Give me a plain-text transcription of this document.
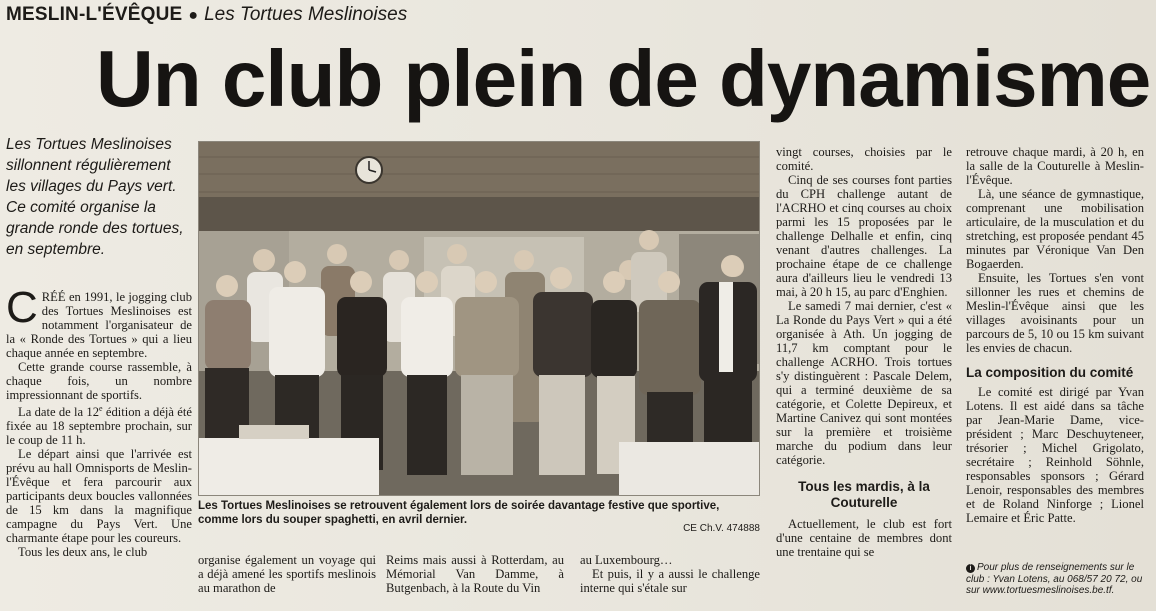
MESLIN-L'ÉVÊQUE ● Les Tortues Meslinoises
Un club plein de dynamisme
Les Tortues Meslinoises sillonnent régulièrement les villages du Pays vert. Ce comité organise la grande ronde des tortues, en septembre.

CRÉÉ en 1991, le jogging club des Tortues Meslinoises est notamment l'organisateur de la « Ronde des Tortues » qui a lieu chaque année en septembre.

Cette grande course rassemble, à chaque fois, un nombre impressionnant de sportifs.

La date de la 12e édition a déjà été fixée au 18 septembre prochain, sur le coup de 11 h.

Le départ ainsi que l'arrivée est prévu au hall Omnisports de Meslin-l'Évêque et fera parcourir aux participants deux boucles vallonnées de 15 km dans la magnifique campagne du Pays Vert. Une charmante étape pour les coureurs.

Tous les deux ans, le club

Les Tortues Meslinoises se retrouvent également lors de soirée davantage festive que sportive, comme lors du souper spaghetti, en avril dernier.
CE Ch.V. 474888
organise également un voyage qui a déjà amené les sportifs meslinois au marathon de
Reims mais aussi à Rotterdam, au Mémorial Van Damme, à Butgenbach, à la Route du Vin

au Luxembourg…

Et puis, il y a aussi le challenge interne qui s'étale sur

vingt courses, choisies par le comité.

Cinq de ses courses font parties du CPH challenge autant de l'ACRHO et cinq courses au choix parmi les 15 proposées par le challenge Delhalle et enfin, cinq venant d'autres challenges. La prochaine étape de ce challenge aura d'ailleurs lieu le vendredi 13 mai, à 20 h 15, au parc d'Enghien.

Le samedi 7 mai dernier, c'est « La Ronde du Pays Vert » qui a été organisée à Ath. Un jogging de 11,7 km comptant pour le challenge ACRHO. Trois tortues s'y distinguèrent : Pascale Delem, qui a terminé deuxième de sa catégorie, et Colette Depireux, et Martine Canivez qui sont montées sur la première et troisième marche du podium dans leur catégorie.

Tous les mardis, à la Couturelle

Actuellement, le club est fort d'une centaine de membres dont une trentaine qui se

retrouve chaque mardi, à 20 h, en la salle de la Couturelle à Meslin-l'Évêque.

Là, une séance de gymnastique, comprenant une mobilisation articulaire, de la musculation et du stretching, est proposée pendant 45 minutes par Véronique Van Den Bogaerden.

Ensuite, les Tortues s'en vont sillonner les rues et chemins de Meslin-l'Évêque ainsi que les villages avoisinants pour un parcours de 5, 10 ou 15 km suivant les envies de chacun.

La composition du comité

Le comité est dirigé par Yvan Lotens. Il est aidé dans sa tâche par Jean-Marie Dame, vice-président ; Marc Deschuyteneer, trésorier ; Michel Grigolato, secrétaire ; Reinhold Söhnle, responsables sponsors ; Gérard Lenoir, responsables des membres et de Roland Ninforge ; Lionel Lemaire et Éric Patte.

i Pour plus de renseignements sur le club : Yvan Lotens, au 068/57 20 72, ou sur www.tortuesmeslinoises.be.tf.
